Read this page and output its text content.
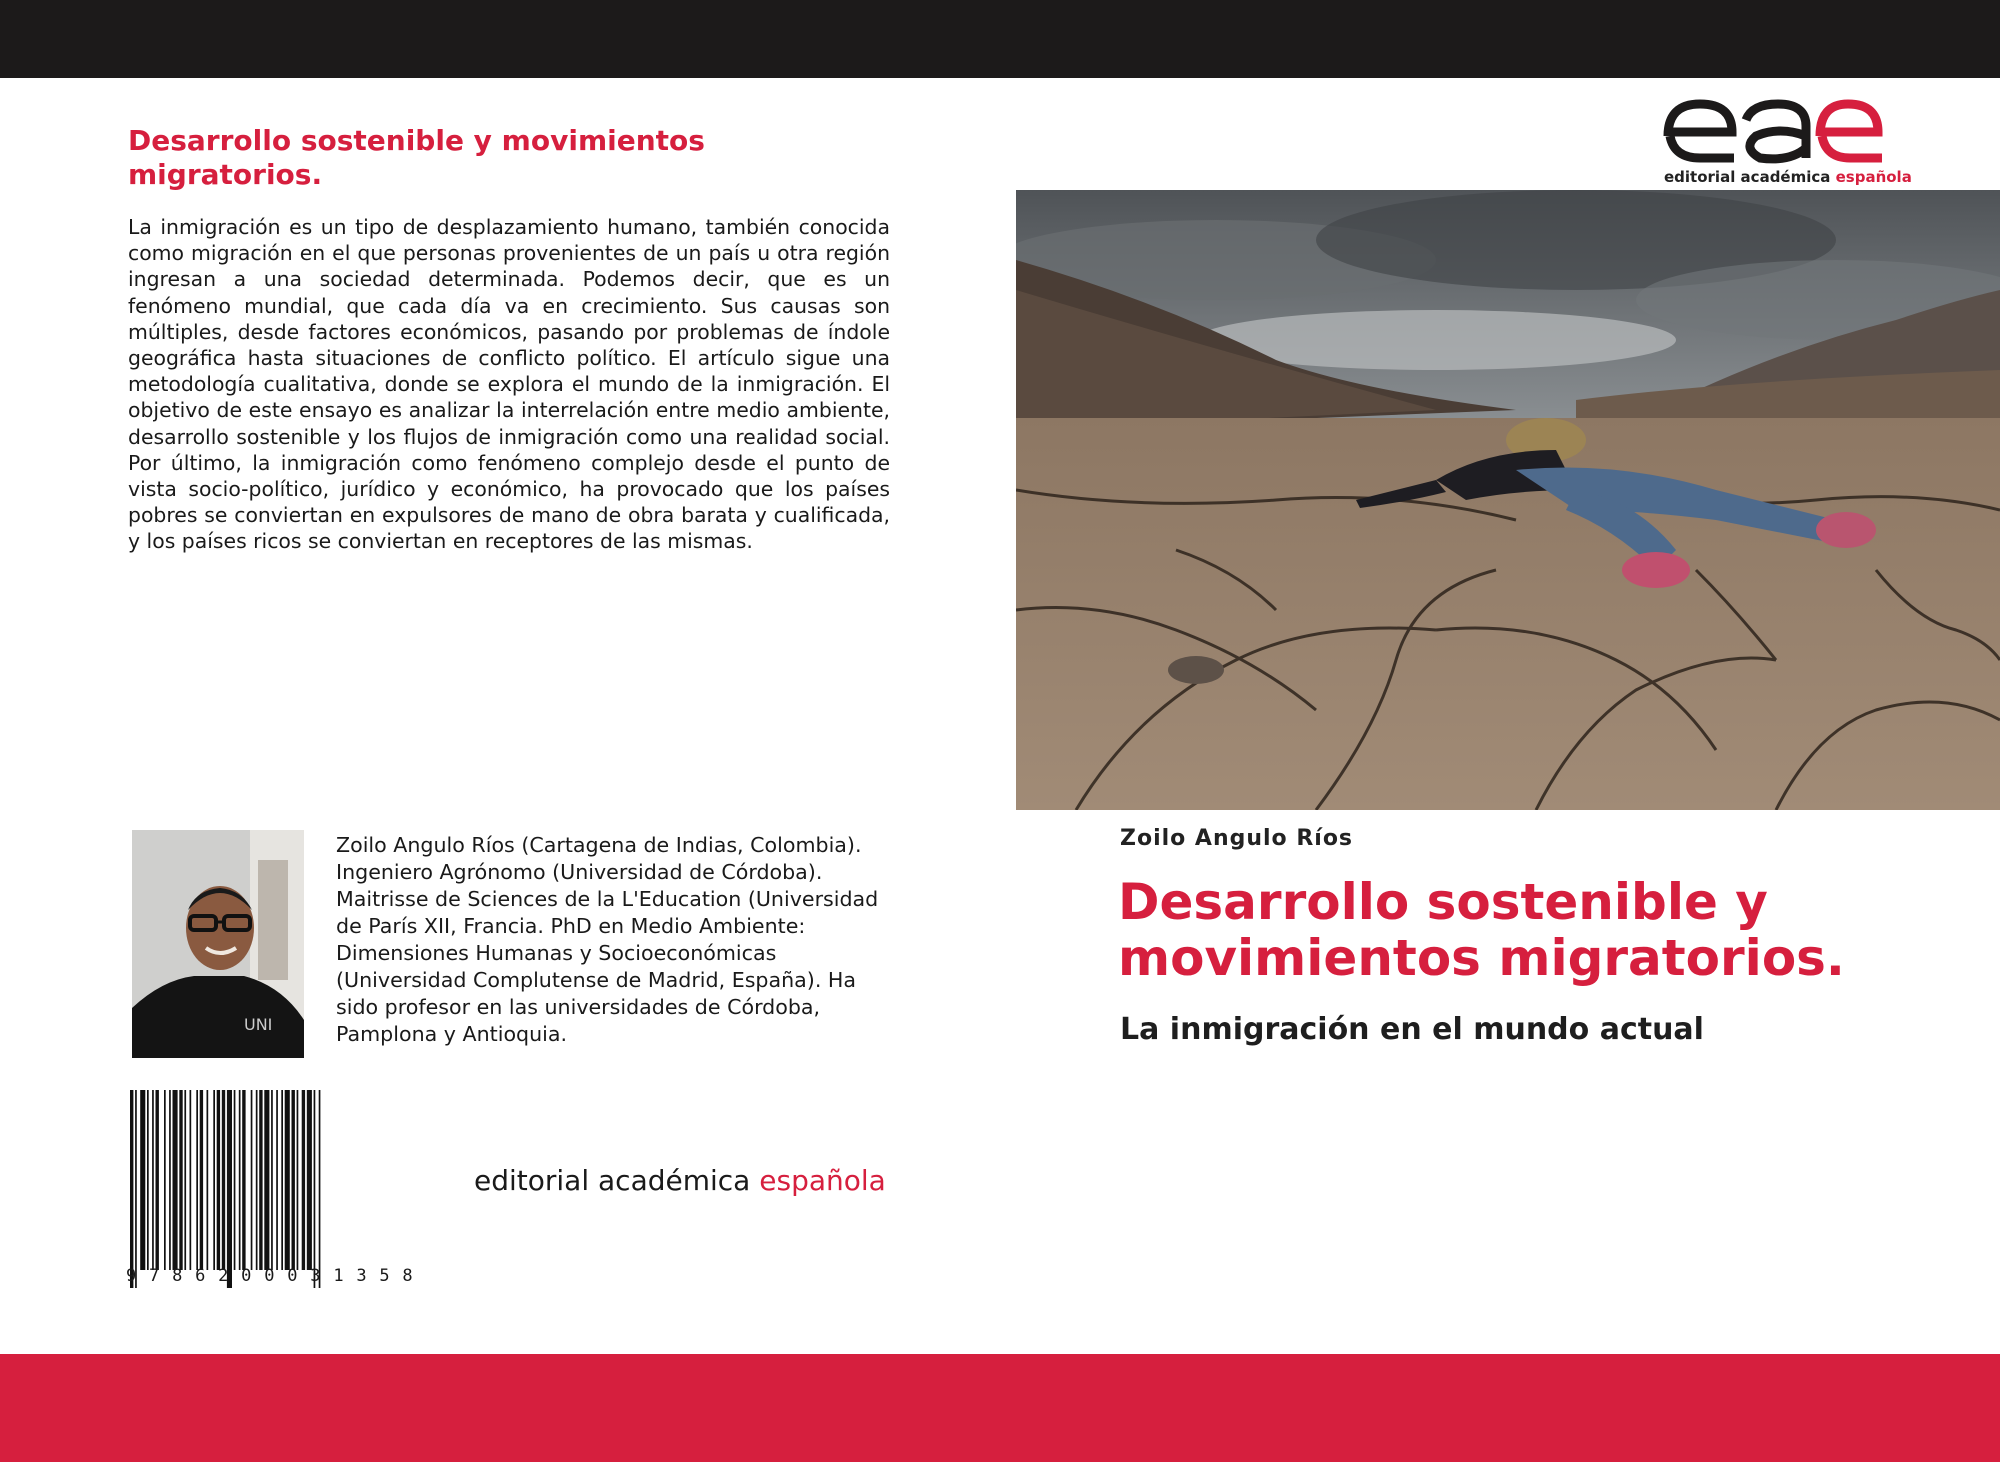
Desarrollo sostenible y movimientos migratorios.

La inmigración es un tipo de desplazamiento humano, también conocida como migración en el que personas provenientes de un país u otra región ingresan a una sociedad determinada. Podemos decir, que es un fenómeno mundial, que cada día va en crecimiento. Sus causas son múltiples, desde factores económicos, pasando por problemas de índole geográfica hasta situaciones de conflicto político. El artículo sigue una metodología cualitativa, donde se explora el mundo de la inmigración. El objetivo de este ensayo es analizar la interrelación entre medio ambiente, desarrollo sostenible y los flujos de inmigración como una realidad social. Por último, la inmigración como fenómeno complejo desde el punto de vista socio-político, jurídico y económico, ha provocado que los países pobres se conviertan en expulsores de mano de obra barata y cualificada, y los países ricos se conviertan en receptores de las mismas.

UNI

Zoilo Angulo Ríos (Cartagena de Indias, Colombia). Ingeniero Agrónomo (Universidad de Córdoba). Maitrisse de Sciences de la L'Education (Universidad de París XII, Francia. PhD en Medio Ambiente: Dimensiones Humanas y Socioeconómicas (Universidad Complutense de Madrid, España). Ha sido profesor en las universidades de Córdoba, Pamplona y Antioquia.

9786200031358
editorial académica española
editorial académica española
Zoilo Angulo Ríos
Desarrollo sostenible y movimientos migratorios.
La inmigración en el mundo actual
